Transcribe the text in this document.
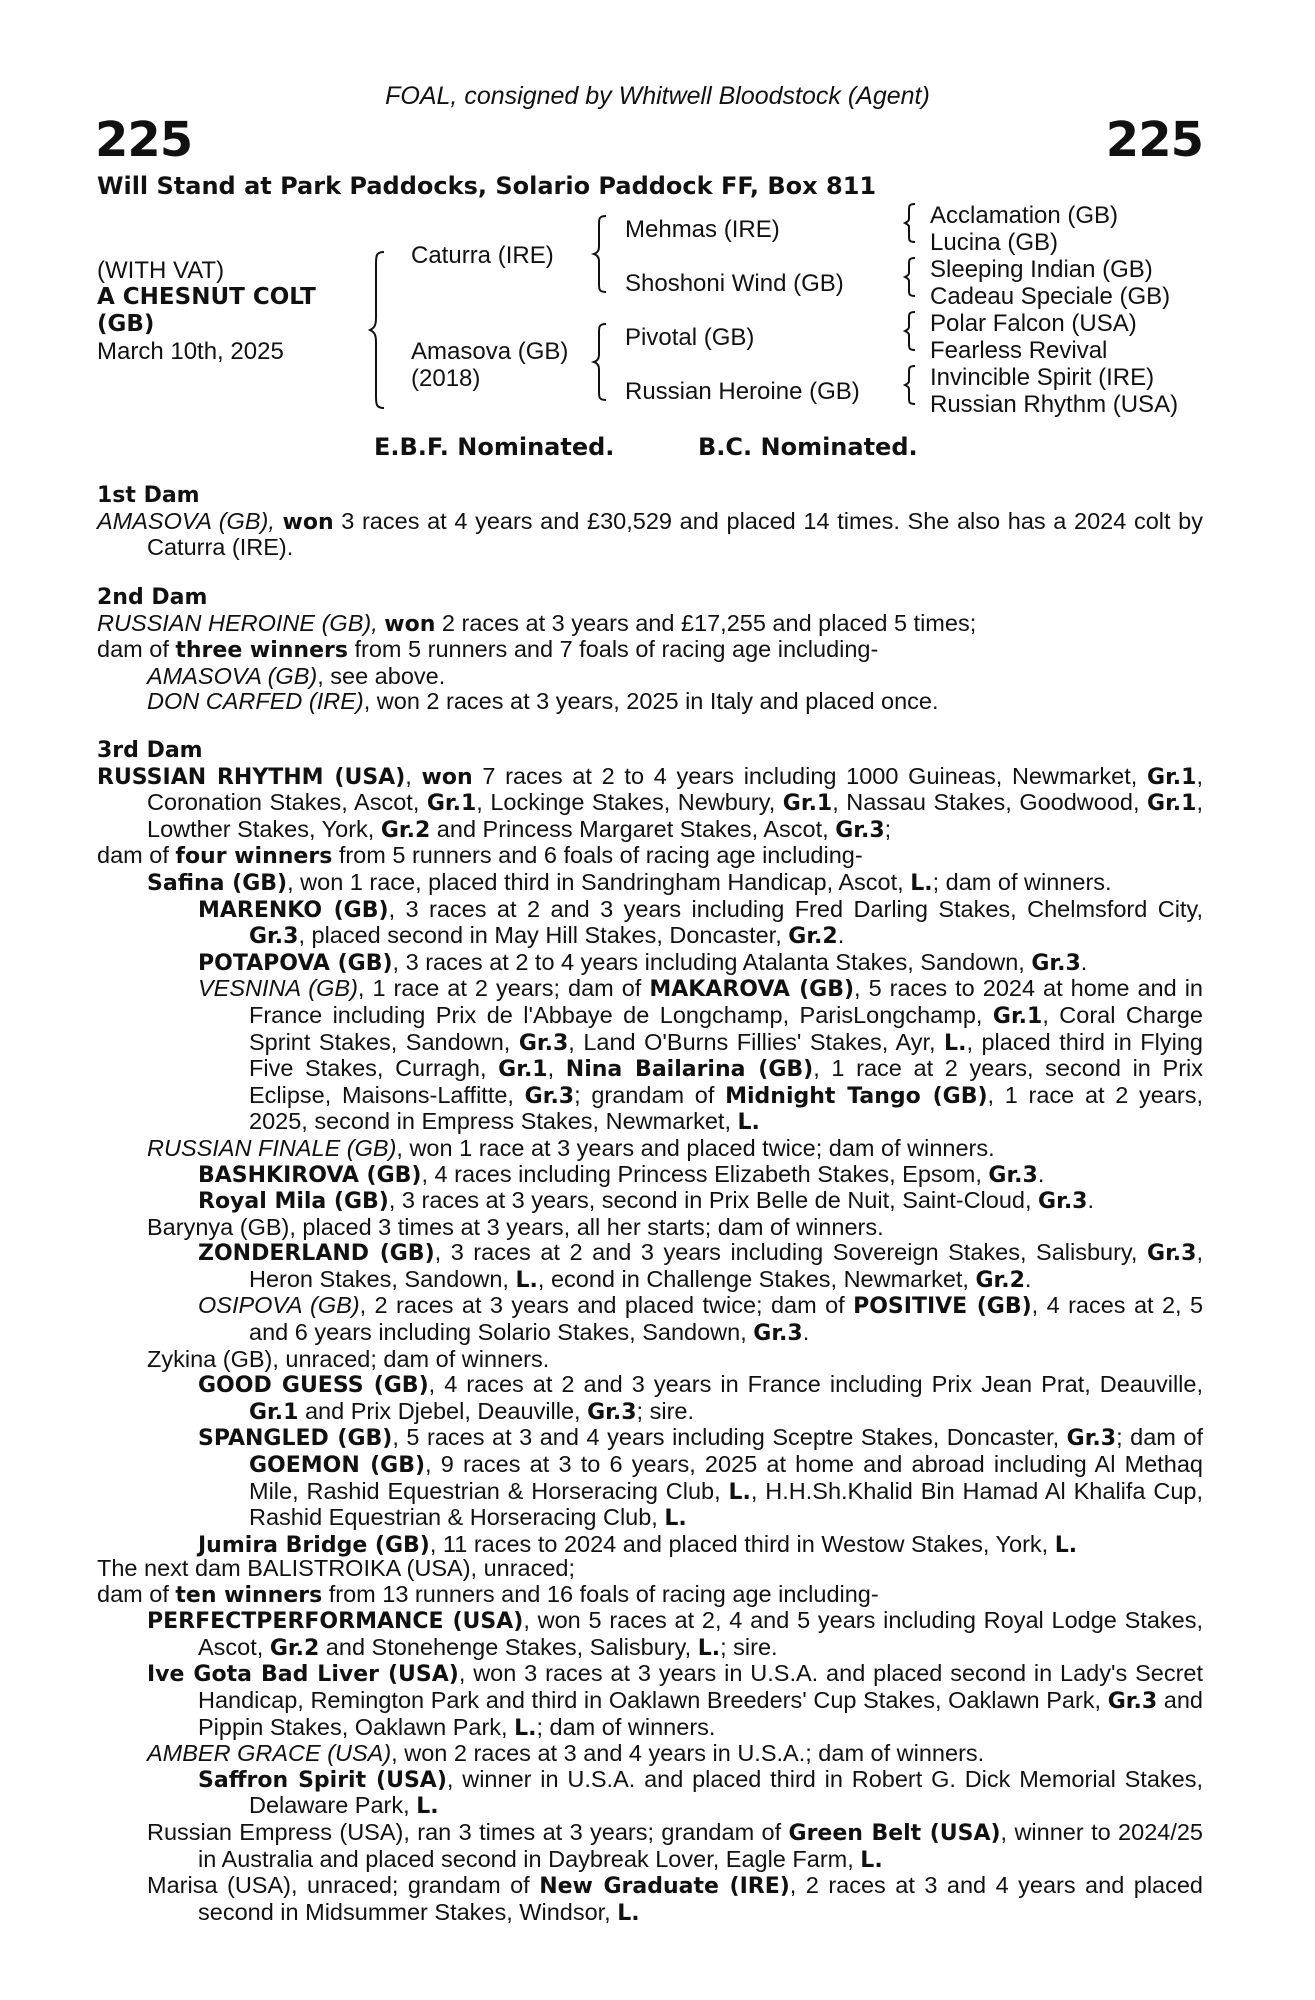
FOAL, consigned by Whitwell Bloodstock (Agent)
225	225
Will Stand at Park Paddocks, Solario Paddock FF, Box 811
(WITH VAT)
A CHESNUT COLT
(GB)
March 10th, 2025
Caturra (IRE)
Amasova (GB)
(2018)
Mehmas (IRE)
Shoshoni Wind (GB)
Pivotal (GB)
Russian Heroine (GB)
Acclamation (GB)
Lucina (GB)
Sleeping Indian (GB)
Cadeau Speciale (GB)
Polar Falcon (USA)
Fearless Revival
Invincible Spirit (IRE)
Russian Rhythm (USA)
E.B.F. Nominated.	B.C. Nominated.
1st Dam

AMASOVA (GB), won 3 races at 4 years and £30,529 and placed 14 times. She also has a 2024 colt by Caturra (IRE).

2nd Dam

RUSSIAN HEROINE (GB), won 2 races at 3 years and £17,255 and placed 5 times;

dam of three winners from 5 runners and 7 foals of racing age including-

AMASOVA (GB), see above.

DON CARFED (IRE), won 2 races at 3 years, 2025 in Italy and placed once.

3rd Dam

RUSSIAN RHYTHM (USA), won 7 races at 2 to 4 years including 1000 Guineas, Newmarket, Gr.1, Coronation Stakes, Ascot, Gr.1, Lockinge Stakes, Newbury, Gr.1, Nassau Stakes, Goodwood, Gr.1, Lowther Stakes, York, Gr.2 and Princess Margaret Stakes, Ascot, Gr.3;

dam of four winners from 5 runners and 6 foals of racing age including-

Safina (GB), won 1 race, placed third in Sandringham Handicap, Ascot, L.; dam of winners.

MARENKO (GB), 3 races at 2 and 3 years including Fred Darling Stakes, Chelmsford City, Gr.3, placed second in May Hill Stakes, Doncaster, Gr.2.

POTAPOVA (GB), 3 races at 2 to 4 years including Atalanta Stakes, Sandown, Gr.3.

VESNINA (GB), 1 race at 2 years; dam of MAKAROVA (GB), 5 races to 2024 at home and in France including Prix de l'Abbaye de Longchamp, ParisLongchamp, Gr.1, Coral Charge Sprint Stakes, Sandown, Gr.3, Land O'Burns Fillies' Stakes, Ayr, L., placed third in Flying Five Stakes, Curragh, Gr.1, Nina Bailarina (GB), 1 race at 2 years, second in Prix Eclipse, Maisons-Laffitte, Gr.3; grandam of Midnight Tango (GB), 1 race at 2 years, 2025, second in Empress Stakes, Newmarket, L.

RUSSIAN FINALE (GB), won 1 race at 3 years and placed twice; dam of winners.

BASHKIROVA (GB), 4 races including Princess Elizabeth Stakes, Epsom, Gr.3.

Royal Mila (GB), 3 races at 3 years, second in Prix Belle de Nuit, Saint-Cloud, Gr.3.

Barynya (GB), placed 3 times at 3 years, all her starts; dam of winners.

ZONDERLAND (GB), 3 races at 2 and 3 years including Sovereign Stakes, Salisbury, Gr.3, Heron Stakes, Sandown, L., econd in Challenge Stakes, Newmarket, Gr.2.

OSIPOVA (GB), 2 races at 3 years and placed twice; dam of POSITIVE (GB), 4 races at 2, 5 and 6 years including Solario Stakes, Sandown, Gr.3.

Zykina (GB), unraced; dam of winners.

GOOD GUESS (GB), 4 races at 2 and 3 years in France including Prix Jean Prat, Deauville, Gr.1 and Prix Djebel, Deauville, Gr.3; sire.

SPANGLED (GB), 5 races at 3 and 4 years including Sceptre Stakes, Doncaster, Gr.3; dam of GOEMON (GB), 9 races at 3 to 6 years, 2025 at home and abroad including Al Methaq Mile, Rashid Equestrian & Horseracing Club, L., H.H.Sh.Khalid Bin Hamad Al Khalifa Cup, Rashid Equestrian & Horseracing Club, L.

Jumira Bridge (GB), 11 races to 2024 and placed third in Westow Stakes, York, L.

The next dam BALISTROIKA (USA), unraced;

dam of ten winners from 13 runners and 16 foals of racing age including-

PERFECTPERFORMANCE (USA), won 5 races at 2, 4 and 5 years including Royal Lodge Stakes, Ascot, Gr.2 and Stonehenge Stakes, Salisbury, L.; sire.

Ive Gota Bad Liver (USA), won 3 races at 3 years in U.S.A. and placed second in Lady's Secret Handicap, Remington Park and third in Oaklawn Breeders' Cup Stakes, Oaklawn Park, Gr.3 and Pippin Stakes, Oaklawn Park, L.; dam of winners.

AMBER GRACE (USA), won 2 races at 3 and 4 years in U.S.A.; dam of winners.

Saffron Spirit (USA), winner in U.S.A. and placed third in Robert G. Dick Memorial Stakes, Delaware Park, L.

Russian Empress (USA), ran 3 times at 3 years; grandam of Green Belt (USA), winner to 2024/25 in Australia and placed second in Daybreak Lover, Eagle Farm, L.

Marisa (USA), unraced; grandam of New Graduate (IRE), 2 races at 3 and 4 years and placed second in Midsummer Stakes, Windsor, L.
